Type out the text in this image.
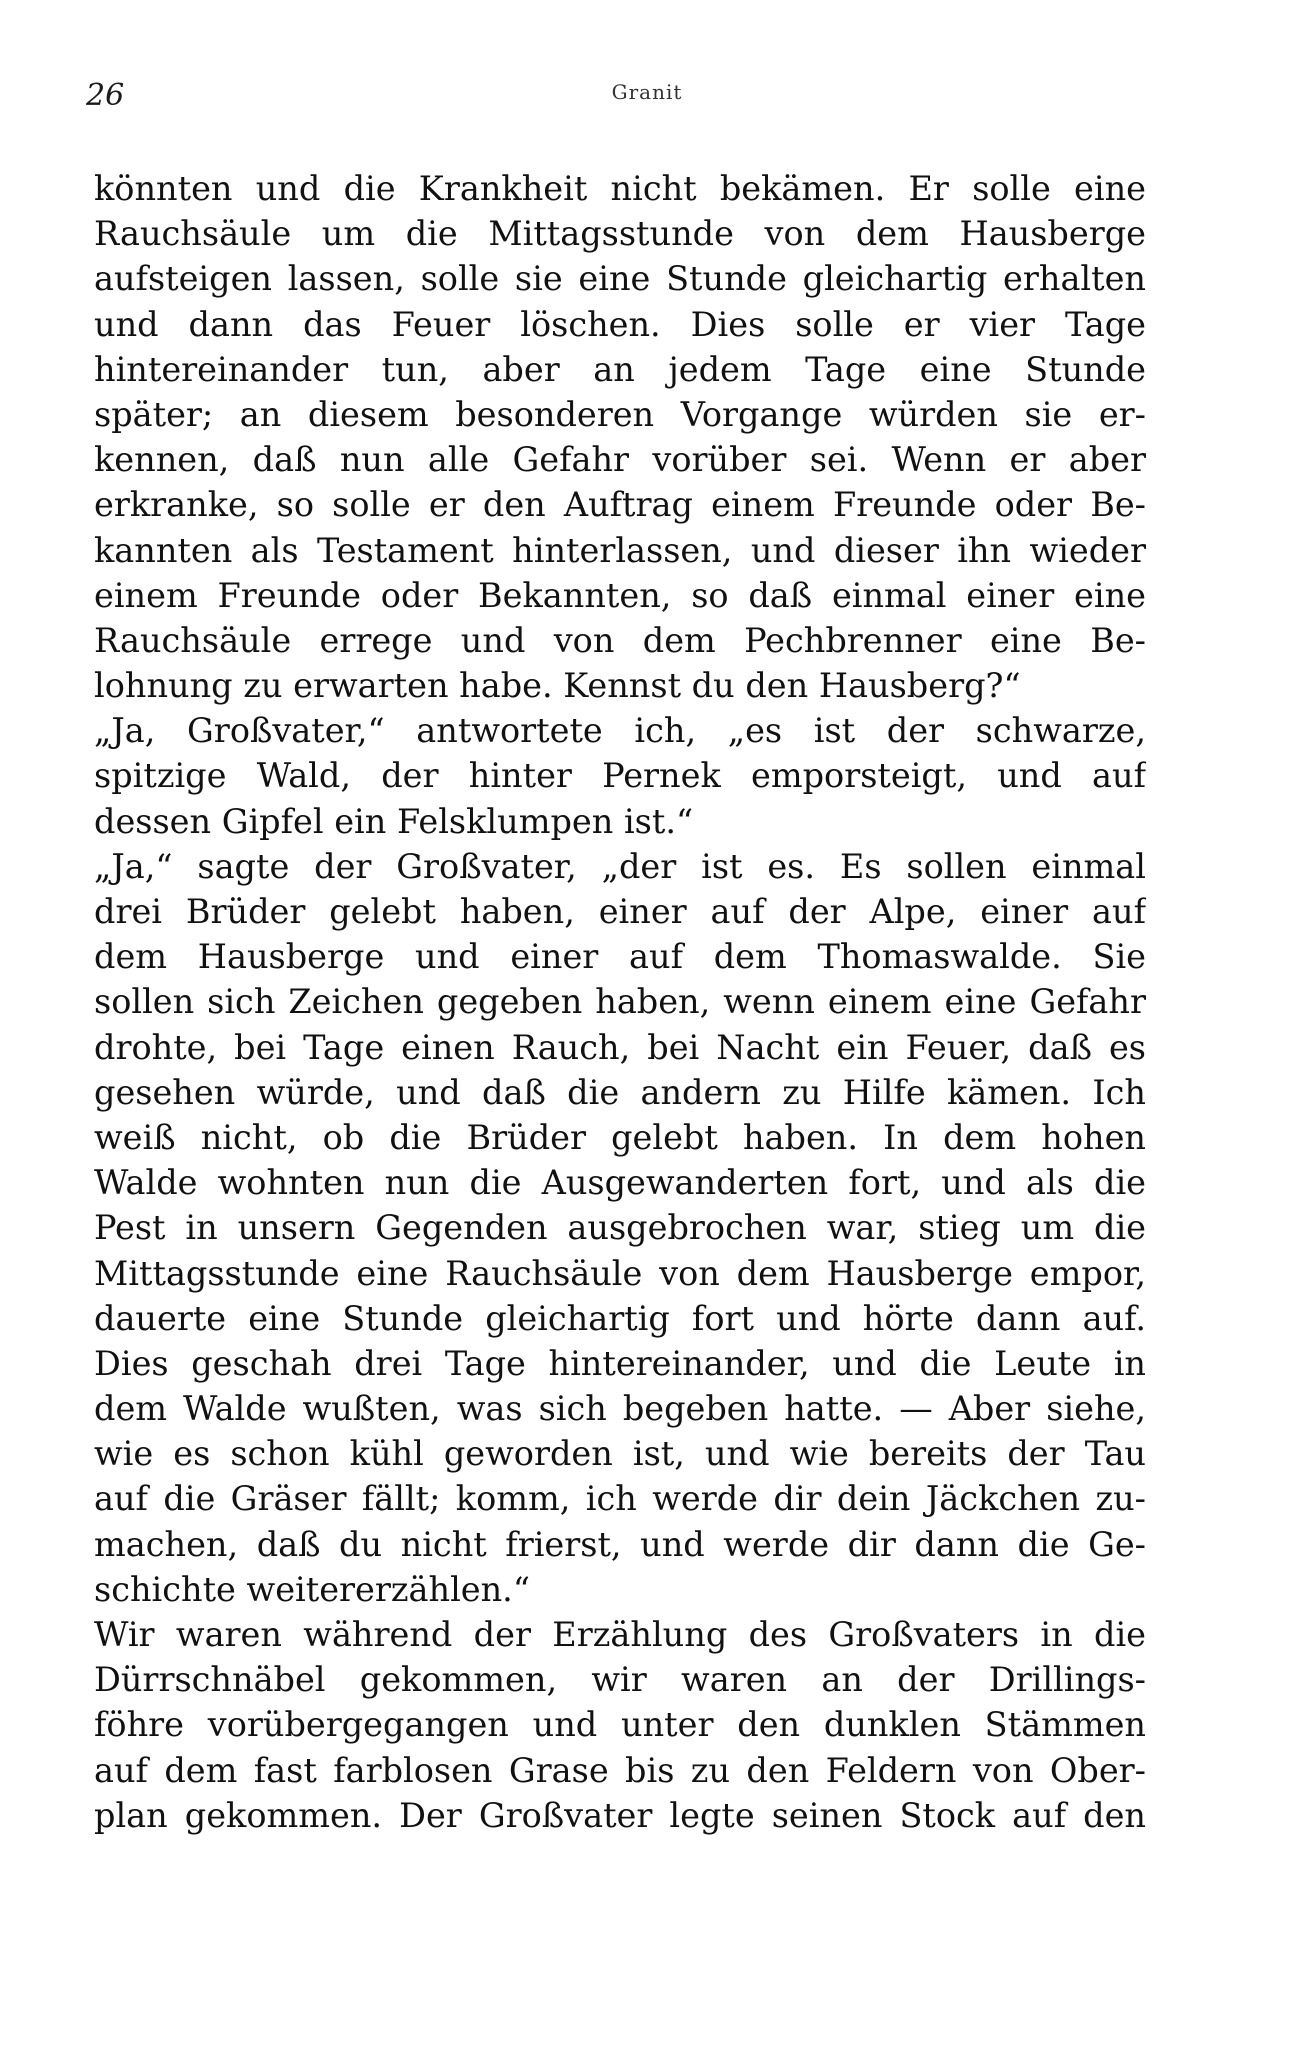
26	Granit
könnten und die Krankheit nicht bekämen. Er solle eine
Rauchsäule um die Mittagsstunde von dem Hausberge
aufsteigen lassen, solle sie eine Stunde gleichartig erhalten
und dann das Feuer löschen. Dies solle er vier Tage
hintereinander tun, aber an jedem Tage eine Stunde
später; an diesem besonderen Vorgange würden sie er-
kennen, daß nun alle Gefahr vorüber sei. Wenn er aber
erkranke, so solle er den Auftrag einem Freunde oder Be-
kannten als Testament hinterlassen, und dieser ihn wieder
einem Freunde oder Bekannten, so daß einmal einer eine
Rauchsäule errege und von dem Pechbrenner eine Be-
lohnung zu erwarten habe. Kennst du den Hausberg?“
„Ja, Großvater,“ antwortete ich, „es ist der schwarze,
spitzige Wald, der hinter Pernek emporsteigt, und auf
dessen Gipfel ein Felsklumpen ist.“
„Ja,“ sagte der Großvater, „der ist es. Es sollen einmal
drei Brüder gelebt haben, einer auf der Alpe, einer auf
dem Hausberge und einer auf dem Thomaswalde. Sie
sollen sich Zeichen gegeben haben, wenn einem eine Gefahr
drohte, bei Tage einen Rauch, bei Nacht ein Feuer, daß es
gesehen würde, und daß die andern zu Hilfe kämen. Ich
weiß nicht, ob die Brüder gelebt haben. In dem hohen
Walde wohnten nun die Ausgewanderten fort, und als die
Pest in unsern Gegenden ausgebrochen war, stieg um die
Mittagsstunde eine Rauchsäule von dem Hausberge empor,
dauerte eine Stunde gleichartig fort und hörte dann auf.
Dies geschah drei Tage hintereinander, und die Leute in
dem Walde wußten, was sich begeben hatte. — Aber siehe,
wie es schon kühl geworden ist, und wie bereits der Tau
auf die Gräser fällt; komm, ich werde dir dein Jäckchen zu-
machen, daß du nicht frierst, und werde dir dann die Ge-
schichte weitererzählen.“
Wir waren während der Erzählung des Großvaters in die
Dürrschnäbel gekommen, wir waren an der Drillings-
föhre vorübergegangen und unter den dunklen Stämmen
auf dem fast farblosen Grase bis zu den Feldern von Ober-
plan gekommen. Der Großvater legte seinen Stock auf den
